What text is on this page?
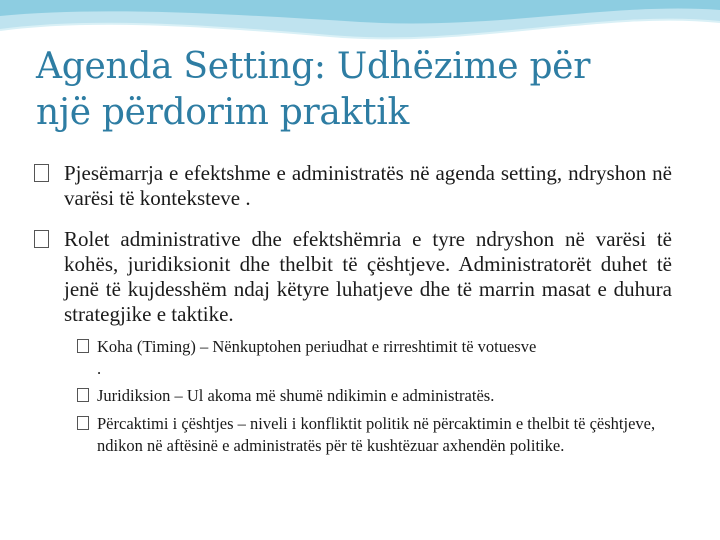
Agenda Setting: Udhëzime për
një përdorim praktik
Pjesëmarrja e efektshme e administratës në agenda setting, ndryshon në varësi të konteksteve .
Rolet administrative dhe efektshëmria e tyre ndryshon në varësi të kohës, juridiksionit dhe thelbit të çështjeve. Administratorët duhet të jenë të kujdesshëm ndaj këtyre luhatjeve dhe të marrin masat e duhura strategjike e taktike.
Koha (Timing) – Nënkuptohen periudhat e rirreshtimit të votuesve
.
Juridiksion – Ul akoma më shumë ndikimin e administratës.
Përcaktimi i çështjes – niveli i konfliktit politik në përcaktimin e thelbit të çështjeve, ndikon në aftësinë e administratës për të kushtëzuar axhendën politike.
